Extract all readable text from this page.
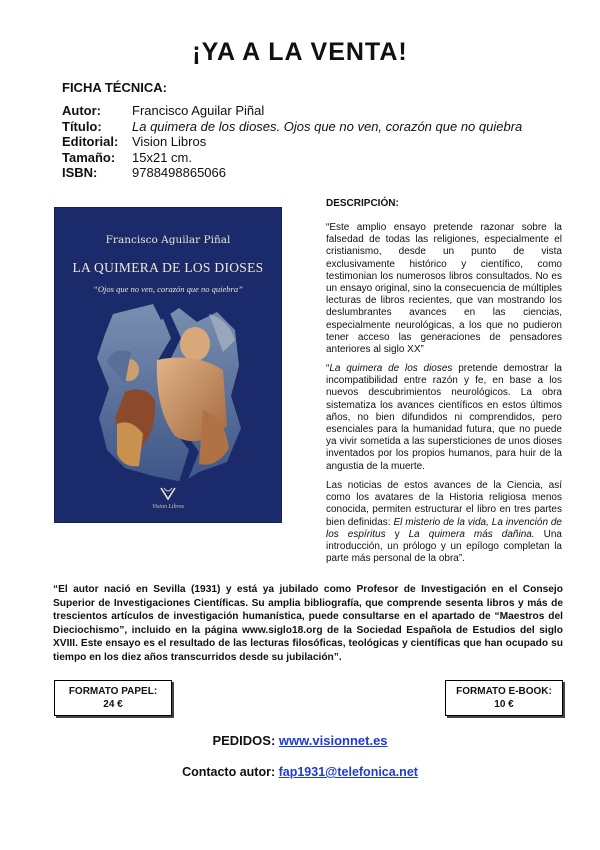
¡YA A LA VENTA!
FICHA TÉCNICA:
Autor:	Francisco Aguilar Piñal
Título:	La quimera de los dioses. Ojos que no ven, corazón que no quiebra
Editorial:	Vision Libros
Tamaño:	15x21 cm.
ISBN:	9788498865066
Francisco Aguilar Piñal
LA QUIMERA DE LOS DIOSES
“Ojos que no ven, corazón que no quiebra”
Vision Libros
DESCRIPCIÓN:

“Este amplio ensayo pretende razonar sobre la falsedad de todas las religiones, especialmente el cristianismo, desde un punto de vista exclusivamente histórico y científico, como testimonian los numerosos libros consultados. No es un ensayo original, sino la consecuencia de múltiples lecturas de libros recientes, que van mostrando los deslumbrantes avances en las ciencias, especialmente neurológicas, a los que no pudieron tener acceso las generaciones de pensadores anteriores al siglo XX”

“La quimera de los dioses pretende demostrar la incompatibilidad entre razón y fe, en base a los nuevos descubrimientos neurológicos. La obra sistematiza los avances científicos en estos últimos años, no bien difundidos ni comprendidos, pero esenciales para la humanidad futura, que no puede ya vivir sometida a las supersticiones de unos dioses inventados por los propios humanos, para huir de la angustia de la muerte.

Las noticias de estos avances de la Ciencia, así como los avatares de la Historia religiosa menos conocida, permiten estructurar el libro en tres partes bien definidas: El misterio de la vida, La invención de los espíritus y La quimera más dañina. Una introducción, un prólogo y un epílogo completan la parte más personal de la obra”.

“El autor nació en Sevilla (1931) y está ya jubilado como Profesor de Investigación en el Consejo Superior de Investigaciones Científicas. Su amplia bibliografía, que comprende sesenta libros y más de trescientos artículos de investigación humanística, puede consultarse en el apartado de “Maestros del Dieciochismo”, incluido en la página www.siglo18.org de la Sociedad Española de Estudios del siglo XVIII. Este ensayo es el resultado de las lecturas filosóficas, teológicas y científicas que han ocupado su tiempo en los diez años transcurridos desde su jubilación”.

FORMATO PAPEL:
24 €
FORMATO E-BOOK:
10 €
PEDIDOS: www.visionnet.es
Contacto autor: fap1931@telefonica.net
